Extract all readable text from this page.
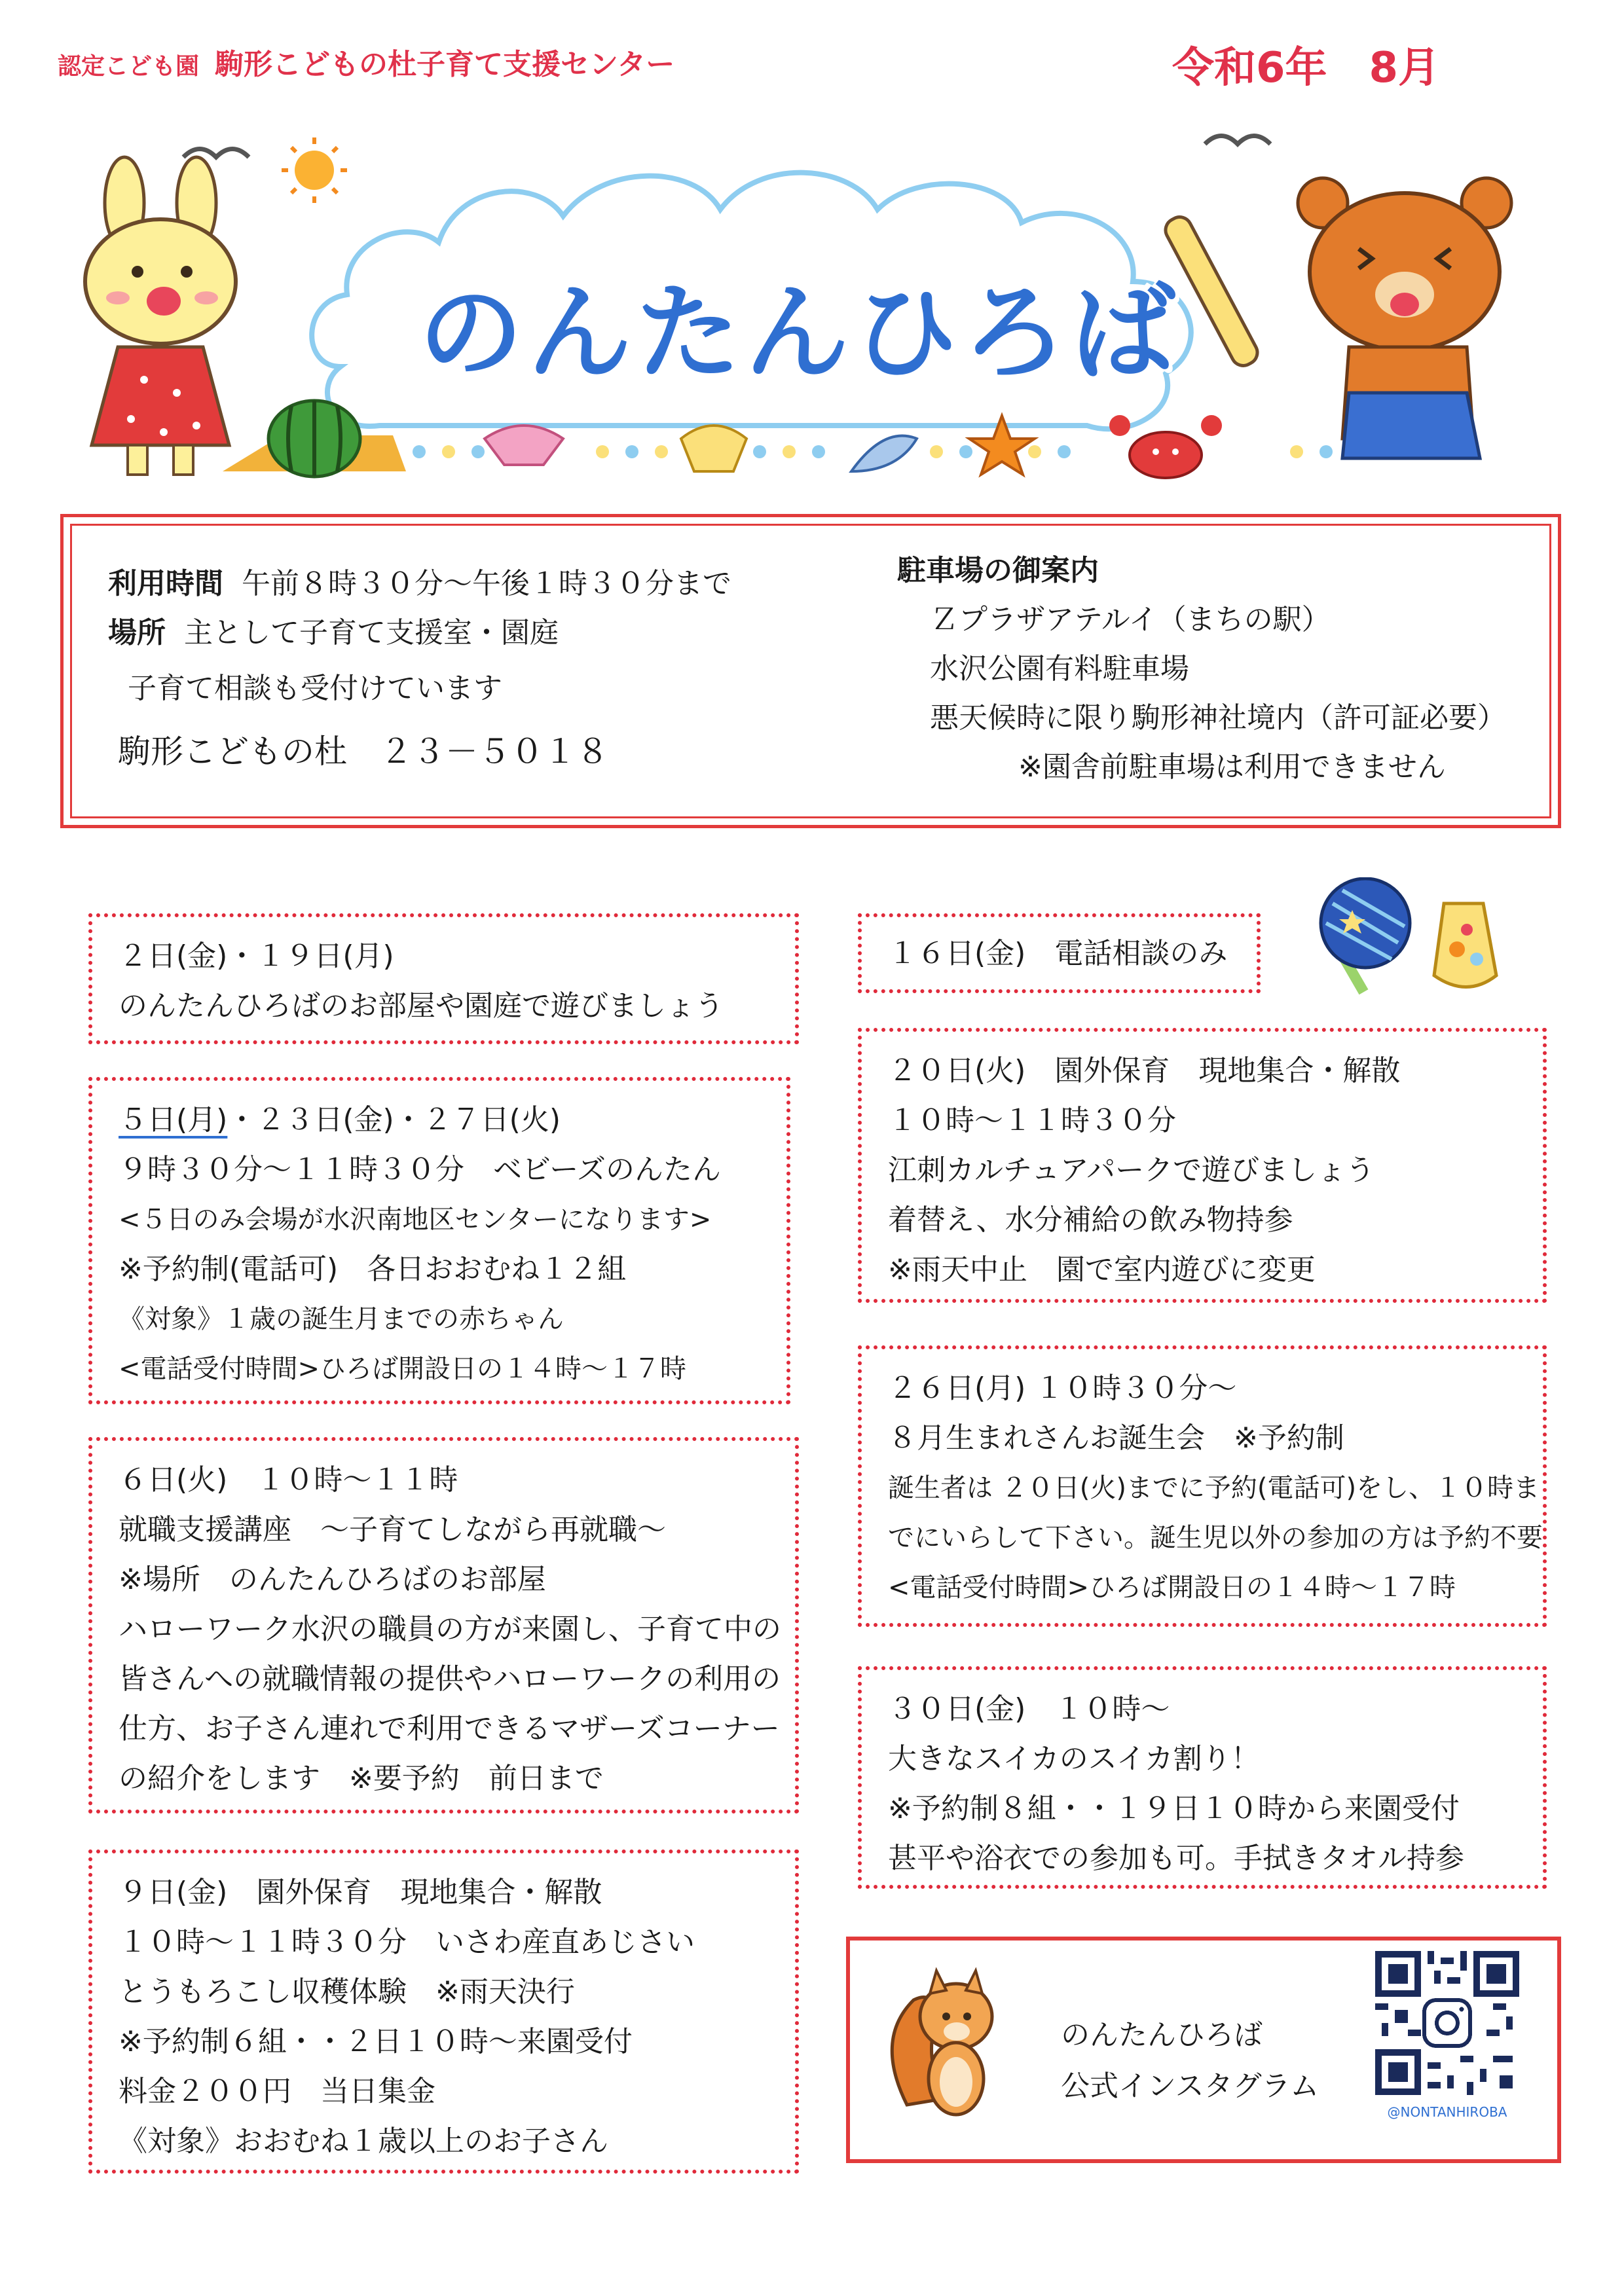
認定こども園 駒形こどもの杜子育て支援センター	令和6年　8月
のんたんひろば
利用時間 午前８時３０分～午後１時３０分まで
場所 主として子育て支援室・園庭
子育て相談も受付けています
駒形こどもの杜　２３－５０１８
駐車場の御案内
Ｚプラザアテルイ（まちの駅）
水沢公園有料駐車場
悪天候時に限り駒形神社境内（許可証必要）
※園舎前駐車場は利用できません
２日(金)・１９日(月)
のんたんひろばのお部屋や園庭で遊びましょう
５日(月)・２３日(金)・２７日(火)
９時３０分～１１時３０分　ベビーズのんたん
<５日のみ会場が水沢南地区センターになります>
※予約制(電話可)　各日おおむね１２組
《対象》１歳の誕生月までの赤ちゃん
<電話受付時間>ひろば開設日の１４時～１７時
６日(火)　１０時～１１時
就職支援講座　～子育てしながら再就職～
※場所　のんたんひろばのお部屋
ハローワーク水沢の職員の方が来園し、子育て中の
皆さんへの就職情報の提供やハローワークの利用の
仕方、お子さん連れで利用できるマザーズコーナー
の紹介をします　※要予約　前日まで
９日(金)　園外保育　現地集合・解散
１０時～１１時３０分　いさわ産直あじさい
とうもろこし収穫体験　※雨天決行
※予約制６組・・２日１０時～来園受付
料金２００円　当日集金
《対象》おおむね１歳以上のお子さん
１６日(金)　電話相談のみ
２０日(火)　園外保育　現地集合・解散
１０時～１１時３０分
江刺カルチュアパークで遊びましょう
着替え、水分補給の飲み物持参
※雨天中止　園で室内遊びに変更
２６日(月) １０時３０分～
８月生まれさんお誕生会　※予約制
誕生者は ２０日(火)までに予約(電話可)をし、１０時ま
でにいらして下さい。誕生児以外の参加の方は予約不要
<電話受付時間>ひろば開設日の１４時～１７時
３０日(金)　１０時～
大きなスイカのスイカ割り！
※予約制８組・・１９日１０時から来園受付
甚平や浴衣での参加も可。手拭きタオル持参
のんたんひろば
公式インスタグラム
@NONTANHIROBA
